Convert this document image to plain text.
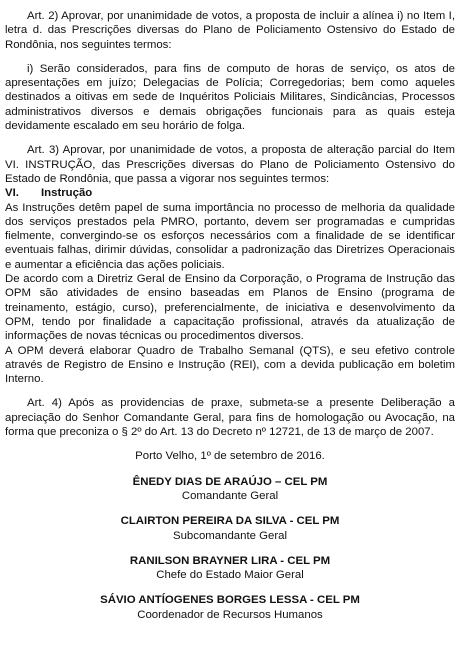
Art. 2) Aprovar, por unanimidade de votos, a proposta de incluir a alínea i) no Item I, letra d. das Prescrições diversas do Plano de Policiamento Ostensivo do Estado de Rondônia, nos seguintes termos:

i) Serão considerados, para fins de computo de horas de serviço, os atos de apresentações em juízo; Delegacias de Polícia; Corregedorias; bem como aqueles destinados a oitivas em sede de Inquéritos Policiais Militares, Sindicâncias, Processos administrativos diversos e demais obrigações funcionais para as quais esteja devidamente escalado em seu horário de folga.

Art. 3) Aprovar, por unanimidade de votos, a proposta de alteração parcial do Item VI. INSTRUÇÃO, das Prescrições diversas do Plano de Policiamento Ostensivo do Estado de Rondônia, que passa a vigorar nos seguintes termos:

VI. Instrução

As Instruções detêm papel de suma importância no processo de melhoria da qualidade dos serviços prestados pela PMRO, portanto, devem ser programadas e cumpridas fielmente, convergindo-se os esforços necessários com a finalidade de se identificar eventuais falhas, dirimir dúvidas, consolidar a padronização das Diretrizes Operacionais e aumentar a eficiência das ações policiais.

De acordo com a Diretriz Geral de Ensino da Corporação, o Programa de Instrução das OPM são atividades de ensino baseadas em Planos de Ensino (programa de treinamento, estágio, curso), preferencialmente, de iniciativa e desenvolvimento da OPM, tendo por finalidade a capacitação profissional, através da atualização de informações de novas técnicas ou procedimentos diversos.

A OPM deverá elaborar Quadro de Trabalho Semanal (QTS), e seu efetivo controle através de Registro de Ensino e Instrução (REI), com a devida publicação em boletim Interno.

Art. 4) Após as providencias de praxe, submeta-se a presente Deliberação a apreciação do Senhor Comandante Geral, para fins de homologação ou Avocação, na forma que preconiza o § 2º do Art. 13 do Decreto nº 12721, de 13 de março de 2007.

Porto Velho, 1º de setembro de 2016.

ÊNEDY DIAS DE ARAÚJO – CEL PM
Comandante Geral
CLAIRTON PEREIRA DA SILVA - CEL PM
Subcomandante Geral
RANILSON BRAYNER LIRA - CEL PM
Chefe do Estado Maior Geral
SÁVIO ANTÍOGENES BORGES LESSA - CEL PM
Coordenador de Recursos Humanos
